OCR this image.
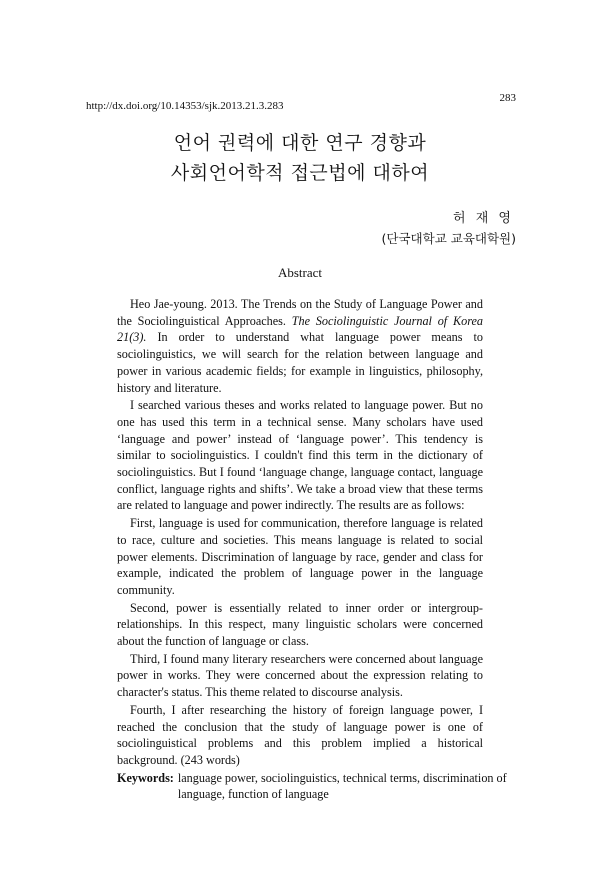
283
http://dx.doi.org/10.14353/sjk.2013.21.3.283
언어 권력에 대한 연구 경향과
사회언어학적 접근법에 대하여
허 재 영
(단국대학교 교육대학원)
Abstract

Heo Jae-young. 2013. The Trends on the Study of Language Power and the Sociolinguistical Approaches. The Sociolinguistic Journal of Korea 21(3). In order to understand what language power means to sociolinguistics, we will search for the relation between language and power in various academic fields; for example in linguistics, philosophy, history and literature.

I searched various theses and works related to language power. But no one has used this term in a technical sense. Many scholars have used ‘language and power’ instead of ‘language power’. This tendency is similar to sociolinguistics. I couldn't find this term in the dictionary of sociolinguistics. But I found ‘language change, language contact, language conflict, language rights and shifts’. We take a broad view that these terms are related to language and power indirectly. The results are as follows:

First, language is used for communication, therefore language is related to race, culture and societies. This means language is related to social power elements. Discrimination of language by race, gender and class for example, indicated the problem of language power in the language community.

Second, power is essentially related to inner order or intergroup-relationships. In this respect, many linguistic scholars were concerned about the function of language or class.

Third, I found many literary researchers were concerned about language power in works. They were concerned about the expression relating to character's status. This theme related to discourse analysis.

Fourth, I after researching the history of foreign language power, I reached the conclusion that the study of language power is one of sociolinguistical problems and this problem implied a historical background. (243 words)

Keywords: language power, sociolinguistics, technical terms, discrimination of
language, function of language
